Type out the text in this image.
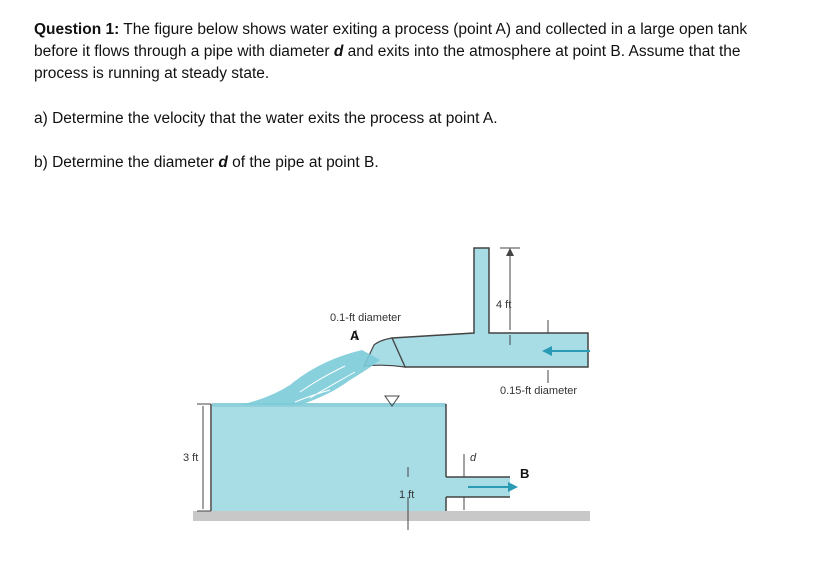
Question 1: The figure below shows water exiting a process (point A) and collected in a large open tank before it flows through a pipe with diameter d and exits into the atmosphere at point B. Assume that the process is running at steady state.
a) Determine the velocity that the water exits the process at point A.
b) Determine the diameter d of the pipe at point B.
0.1-ft diameter
A
4 ft
0.15-ft diameter
3 ft
1 ft
d
B
